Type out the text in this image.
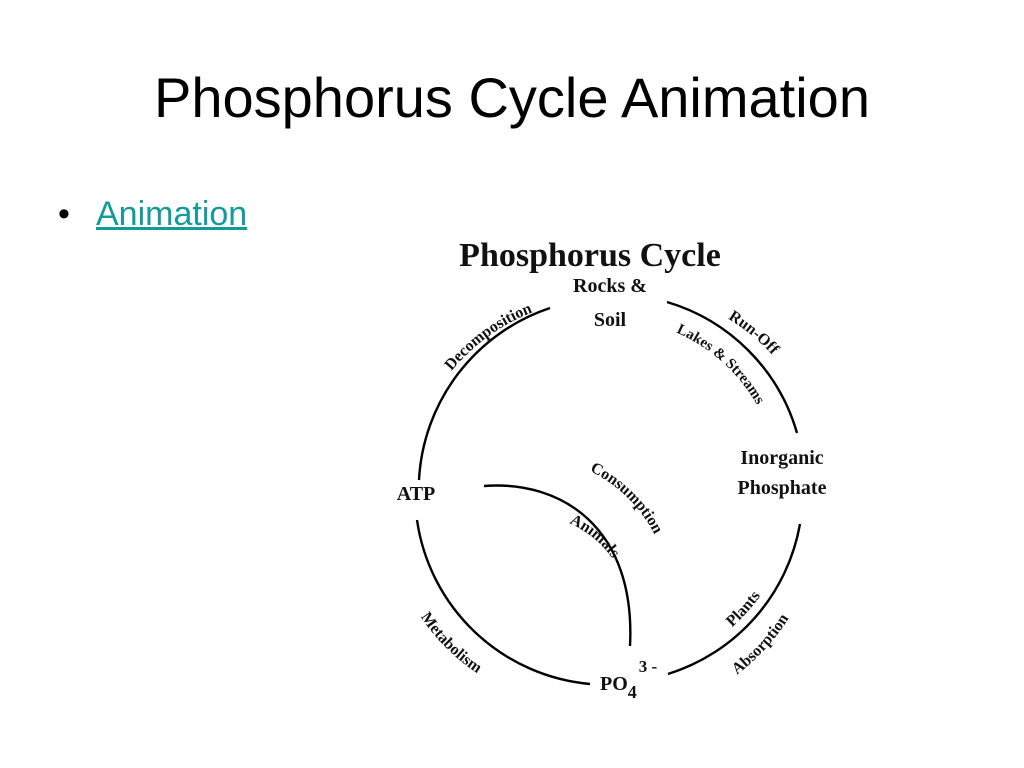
Phosphorus Cycle Animation
• Animation
Phosphorus Cycle
Rocks &
Soil
Inorganic
Phosphate
ATP
$PO4^{3 -}$
Decomposition	Run-Off
Lakes & Streams
Consumption
Animals
Plants
Absorption
Metabolism
